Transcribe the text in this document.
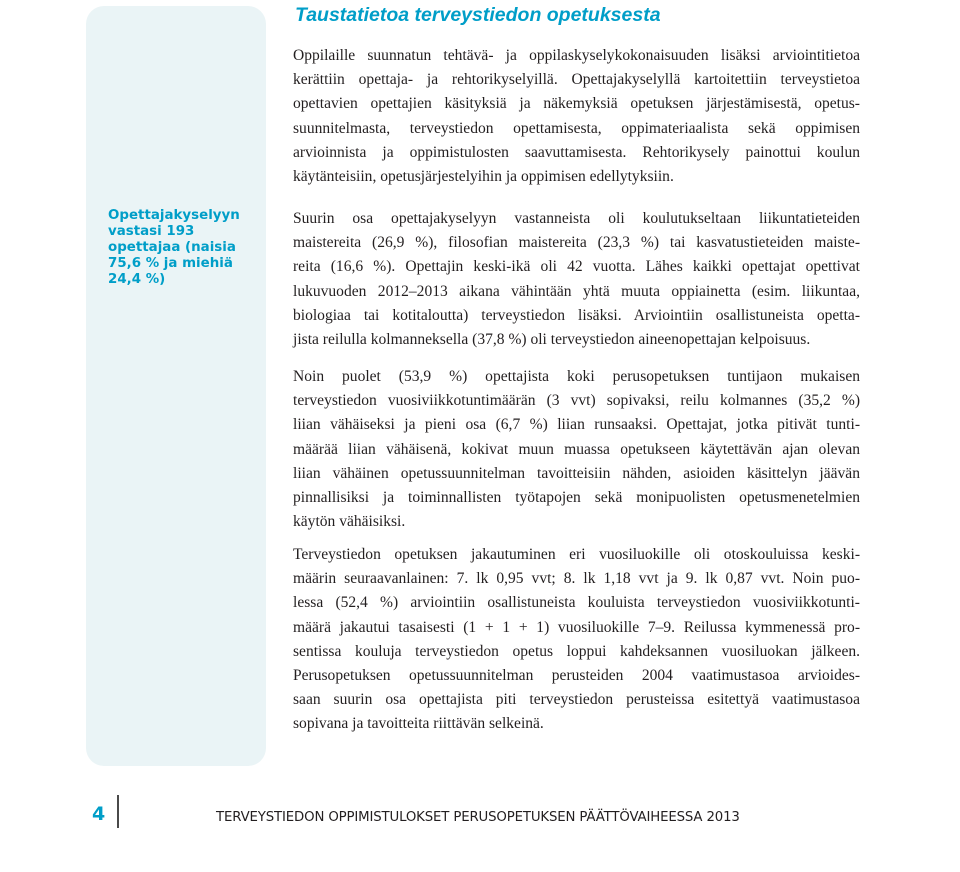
Opettajakyselyyn vastasi 193 opettajaa (naisia 75,6 % ja miehiä 24,4 %)

Taustatietoa terveystiedon opetuksesta

Oppilaille suunnatun tehtävä- ja oppilaskyselykokonaisuuden lisäksi arviointitietoa
kerättiin opettaja- ja rehtorikyselyillä. Opettajakyselyllä kartoitettiin terveystietoa
opettavien opettajien käsityksiä ja näkemyksiä opetuksen järjestämisestä, opetus-
suunnitelmasta, terveystiedon opettamisesta, oppimateriaalista sekä oppimisen
arvioinnista ja oppimistulosten saavuttamisesta. Rehtorikysely painottui koulun
käytänteisiin, opetusjärjestelyihin ja oppimisen edellytyksiin.

Suurin osa opettajakyselyyn vastanneista oli koulutukseltaan liikuntatieteiden
maistereita (26,9 %), filosofian maistereita (23,3 %) tai kasvatustieteiden maiste-
reita (16,6 %). Opettajin keski-ikä oli 42 vuotta. Lähes kaikki opettajat opettivat
lukuvuoden 2012–2013 aikana vähintään yhtä muuta oppiainetta (esim. liikuntaa,
biologiaa tai kotitaloutta) terveystiedon lisäksi. Arviointiin osallistuneista opetta-
jista reilulla kolmanneksella (37,8 %) oli terveystiedon aineenopettajan kelpoisuus.

Noin puolet (53,9 %) opettajista koki perusopetuksen tuntijaon mukaisen
terveystiedon vuosiviikkotuntimäärän (3 vvt) sopivaksi, reilu kolmannes (35,2 %)
liian vähäiseksi ja pieni osa (6,7 %) liian runsaaksi. Opettajat, jotka pitivät tunti-
määrää liian vähäisenä, kokivat muun muassa opetukseen käytettävän ajan olevan
liian vähäinen opetussuunnitelman tavoitteisiin nähden, asioiden käsittelyn jäävän
pinnallisiksi ja toiminnallisten työtapojen sekä monipuolisten opetusmenetelmien
käytön vähäisiksi.

Terveystiedon opetuksen jakautuminen eri vuosiluokille oli otoskouluissa keski-
määrin seuraavanlainen: 7. lk 0,95 vvt; 8. lk 1,18 vvt ja 9. lk 0,87 vvt. Noin puo-
lessa (52,4 %) arviointiin osallistuneista kouluista terveystiedon vuosiviikkotunti-
määrä jakautui tasaisesti (1 + 1 + 1) vuosiluokille 7–9. Reilussa kymmenessä pro-
sentissa kouluja terveystiedon opetus loppui kahdeksannen vuosiluokan jälkeen.
Perusopetuksen opetussuunnitelman perusteiden 2004 vaatimustasoa arvioides-
saan suurin osa opettajista piti terveystiedon perusteissa esitettyä vaatimustasoa
sopivana ja tavoitteita riittävän selkeinä.

4	TERVEYSTIEDON OPPIMISTULOKSET PERUSOPETUKSEN PÄÄTTÖVAIHEESSA 2013
